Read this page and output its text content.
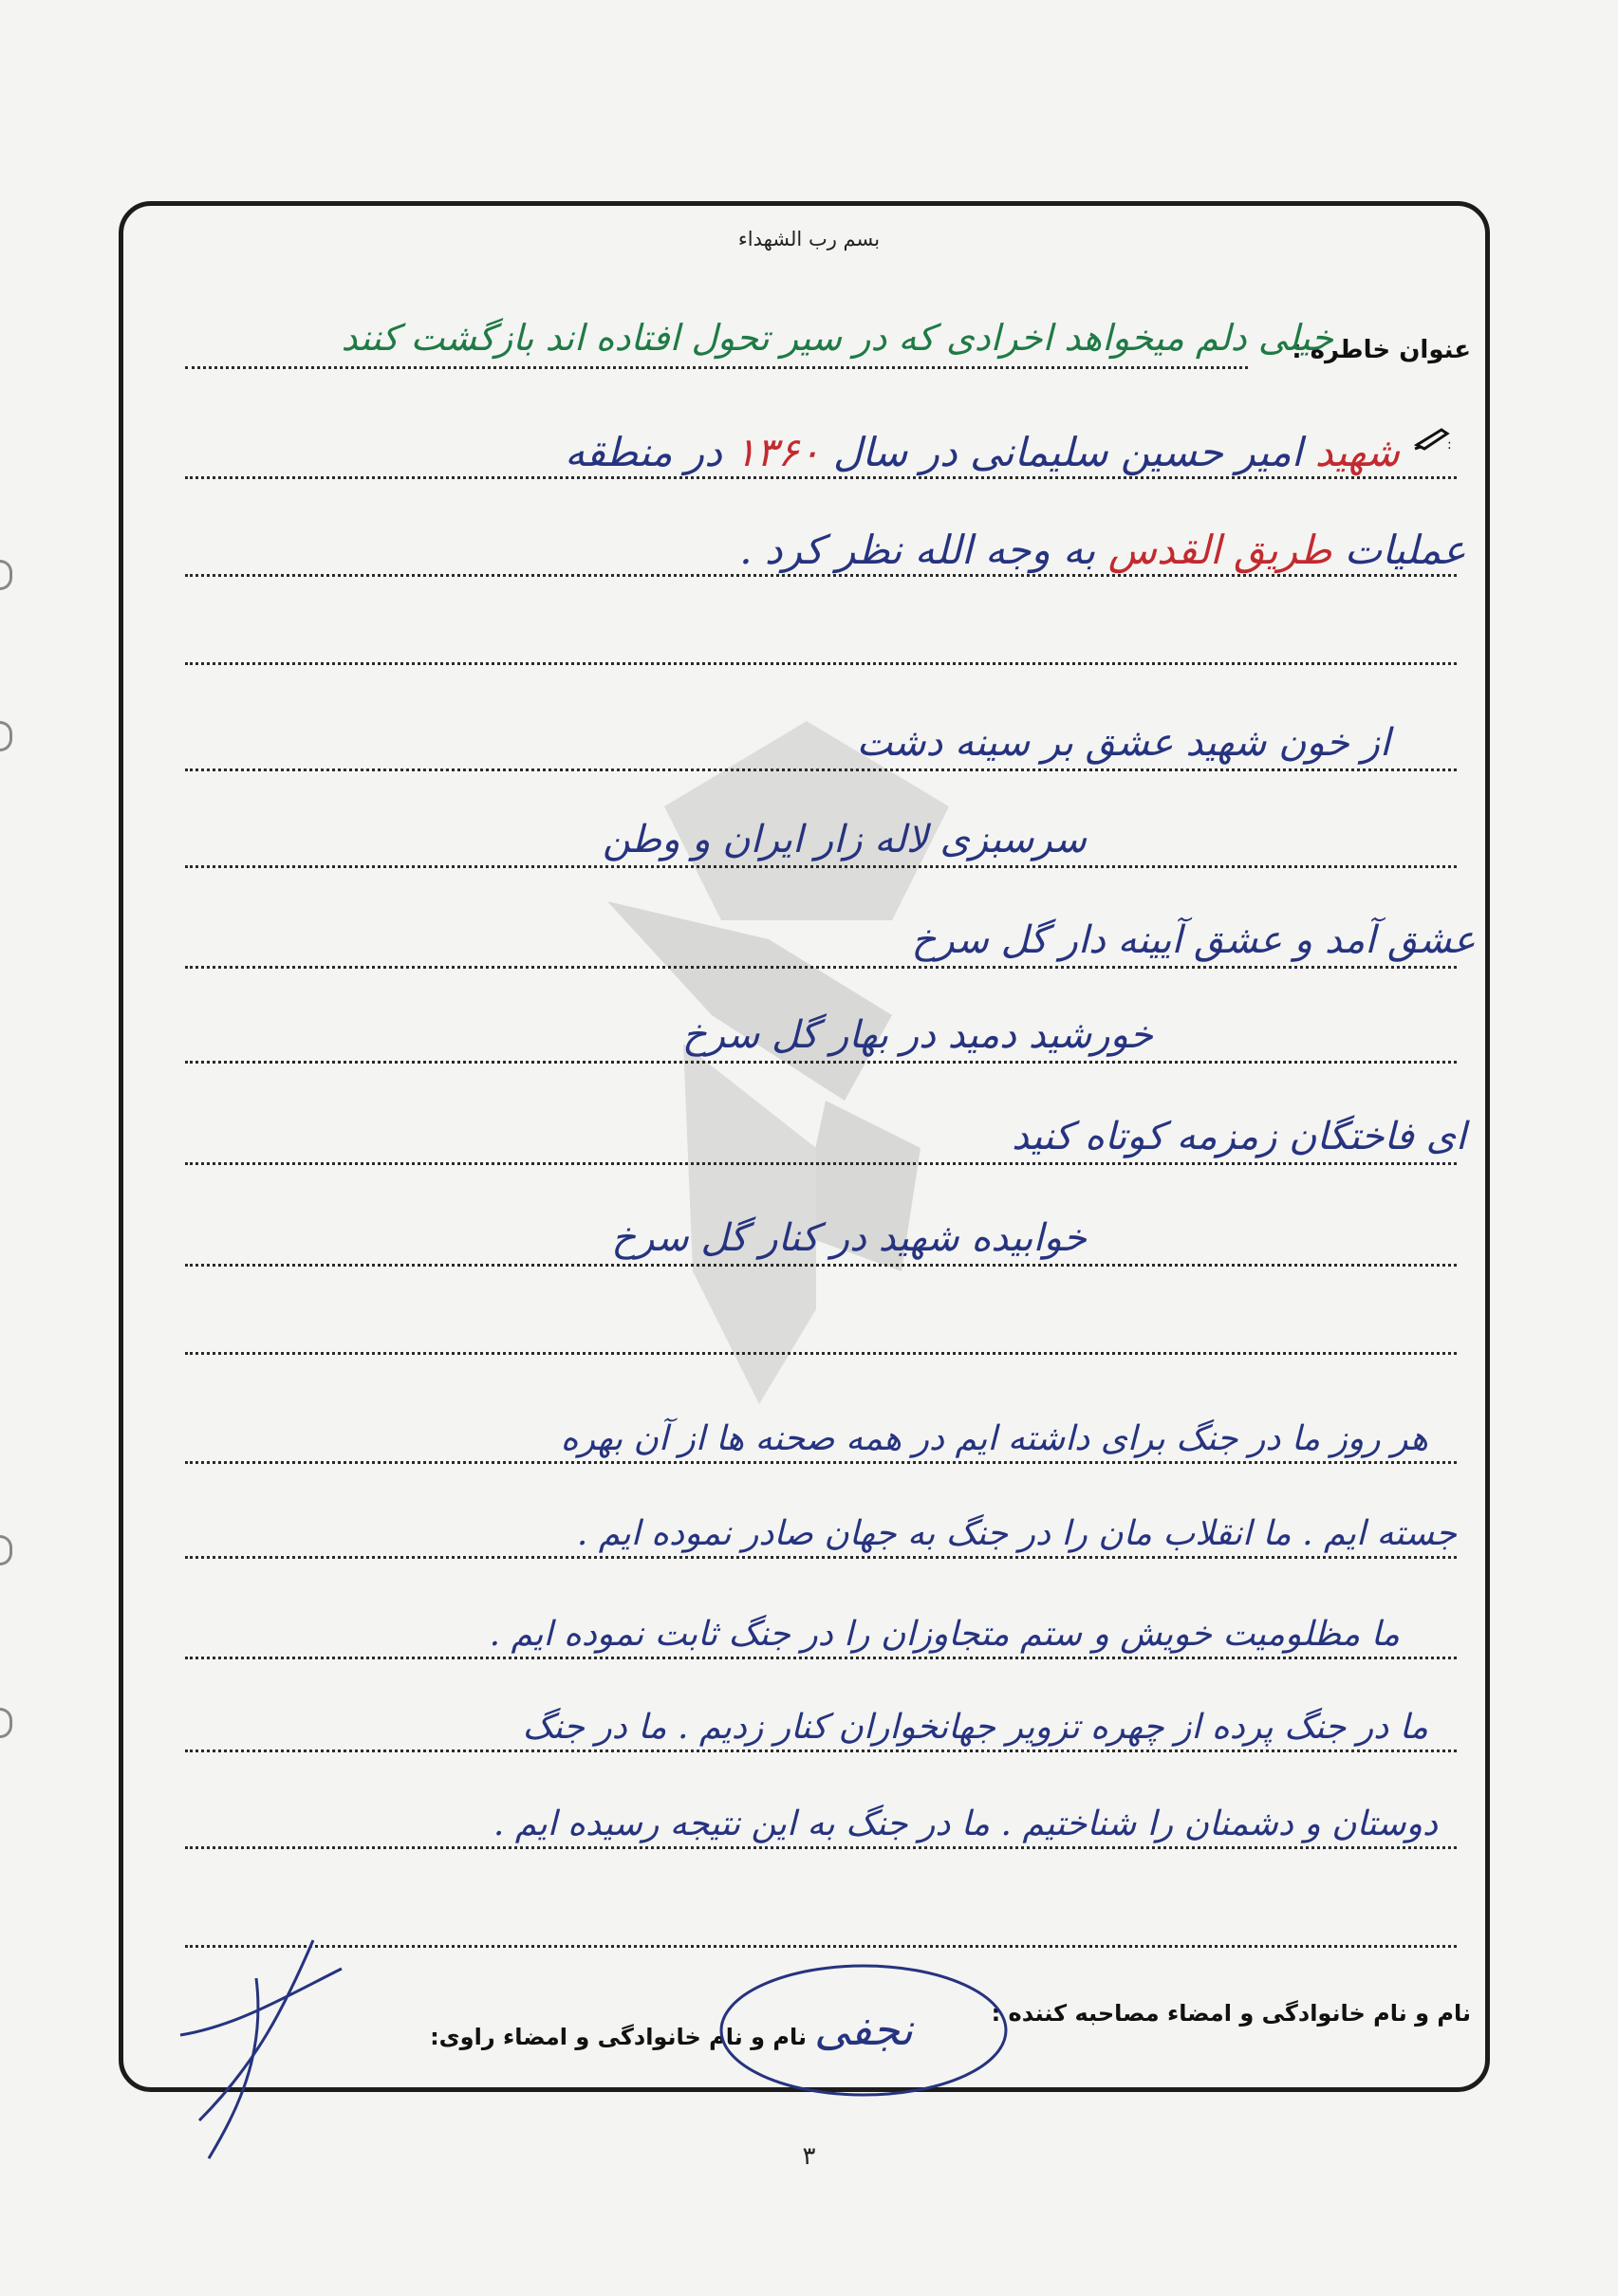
بسم رب الشهداء
عنوان خاطره :
خیلی دلم میخواهد اخرادی که در سیر تحول افتاده اند بازگشت کنند
:
شهید امیر حسین سلیمانی در سال ۱۳۶۰ در منطقه
عملیات طریق القدس به وجه الله نظر کرد .
از خون شهید عشق بر سینه دشت
سرسبزی لاله زار ایران و وطن
عشق آمد و عشق آیینه دار گل سرخ
خورشید دمید در بهار گل سرخ
ای فاختگان زمزمه کوتاه کنید
خوابیده شهید در کنار گل سرخ
هر روز ما در جنگ برای داشته ایم در همه صحنه ها از آن بهره
جسته ایم . ما انقلاب مان را در جنگ به جهان صادر نموده ایم .
ما مظلومیت خویش و ستم متجاوزان را در جنگ ثابت نموده ایم .
ما در جنگ پرده از چهره تزویر جهانخواران کنار زدیم . ما در جنگ
دوستان و دشمنان را شناختیم . ما در جنگ به این نتیجه رسیده ایم .
نام و نام خانوادگی و امضاء مصاحبه کننده :
نام و نام خانوادگی و امضاء راوی: نجفی
۳
